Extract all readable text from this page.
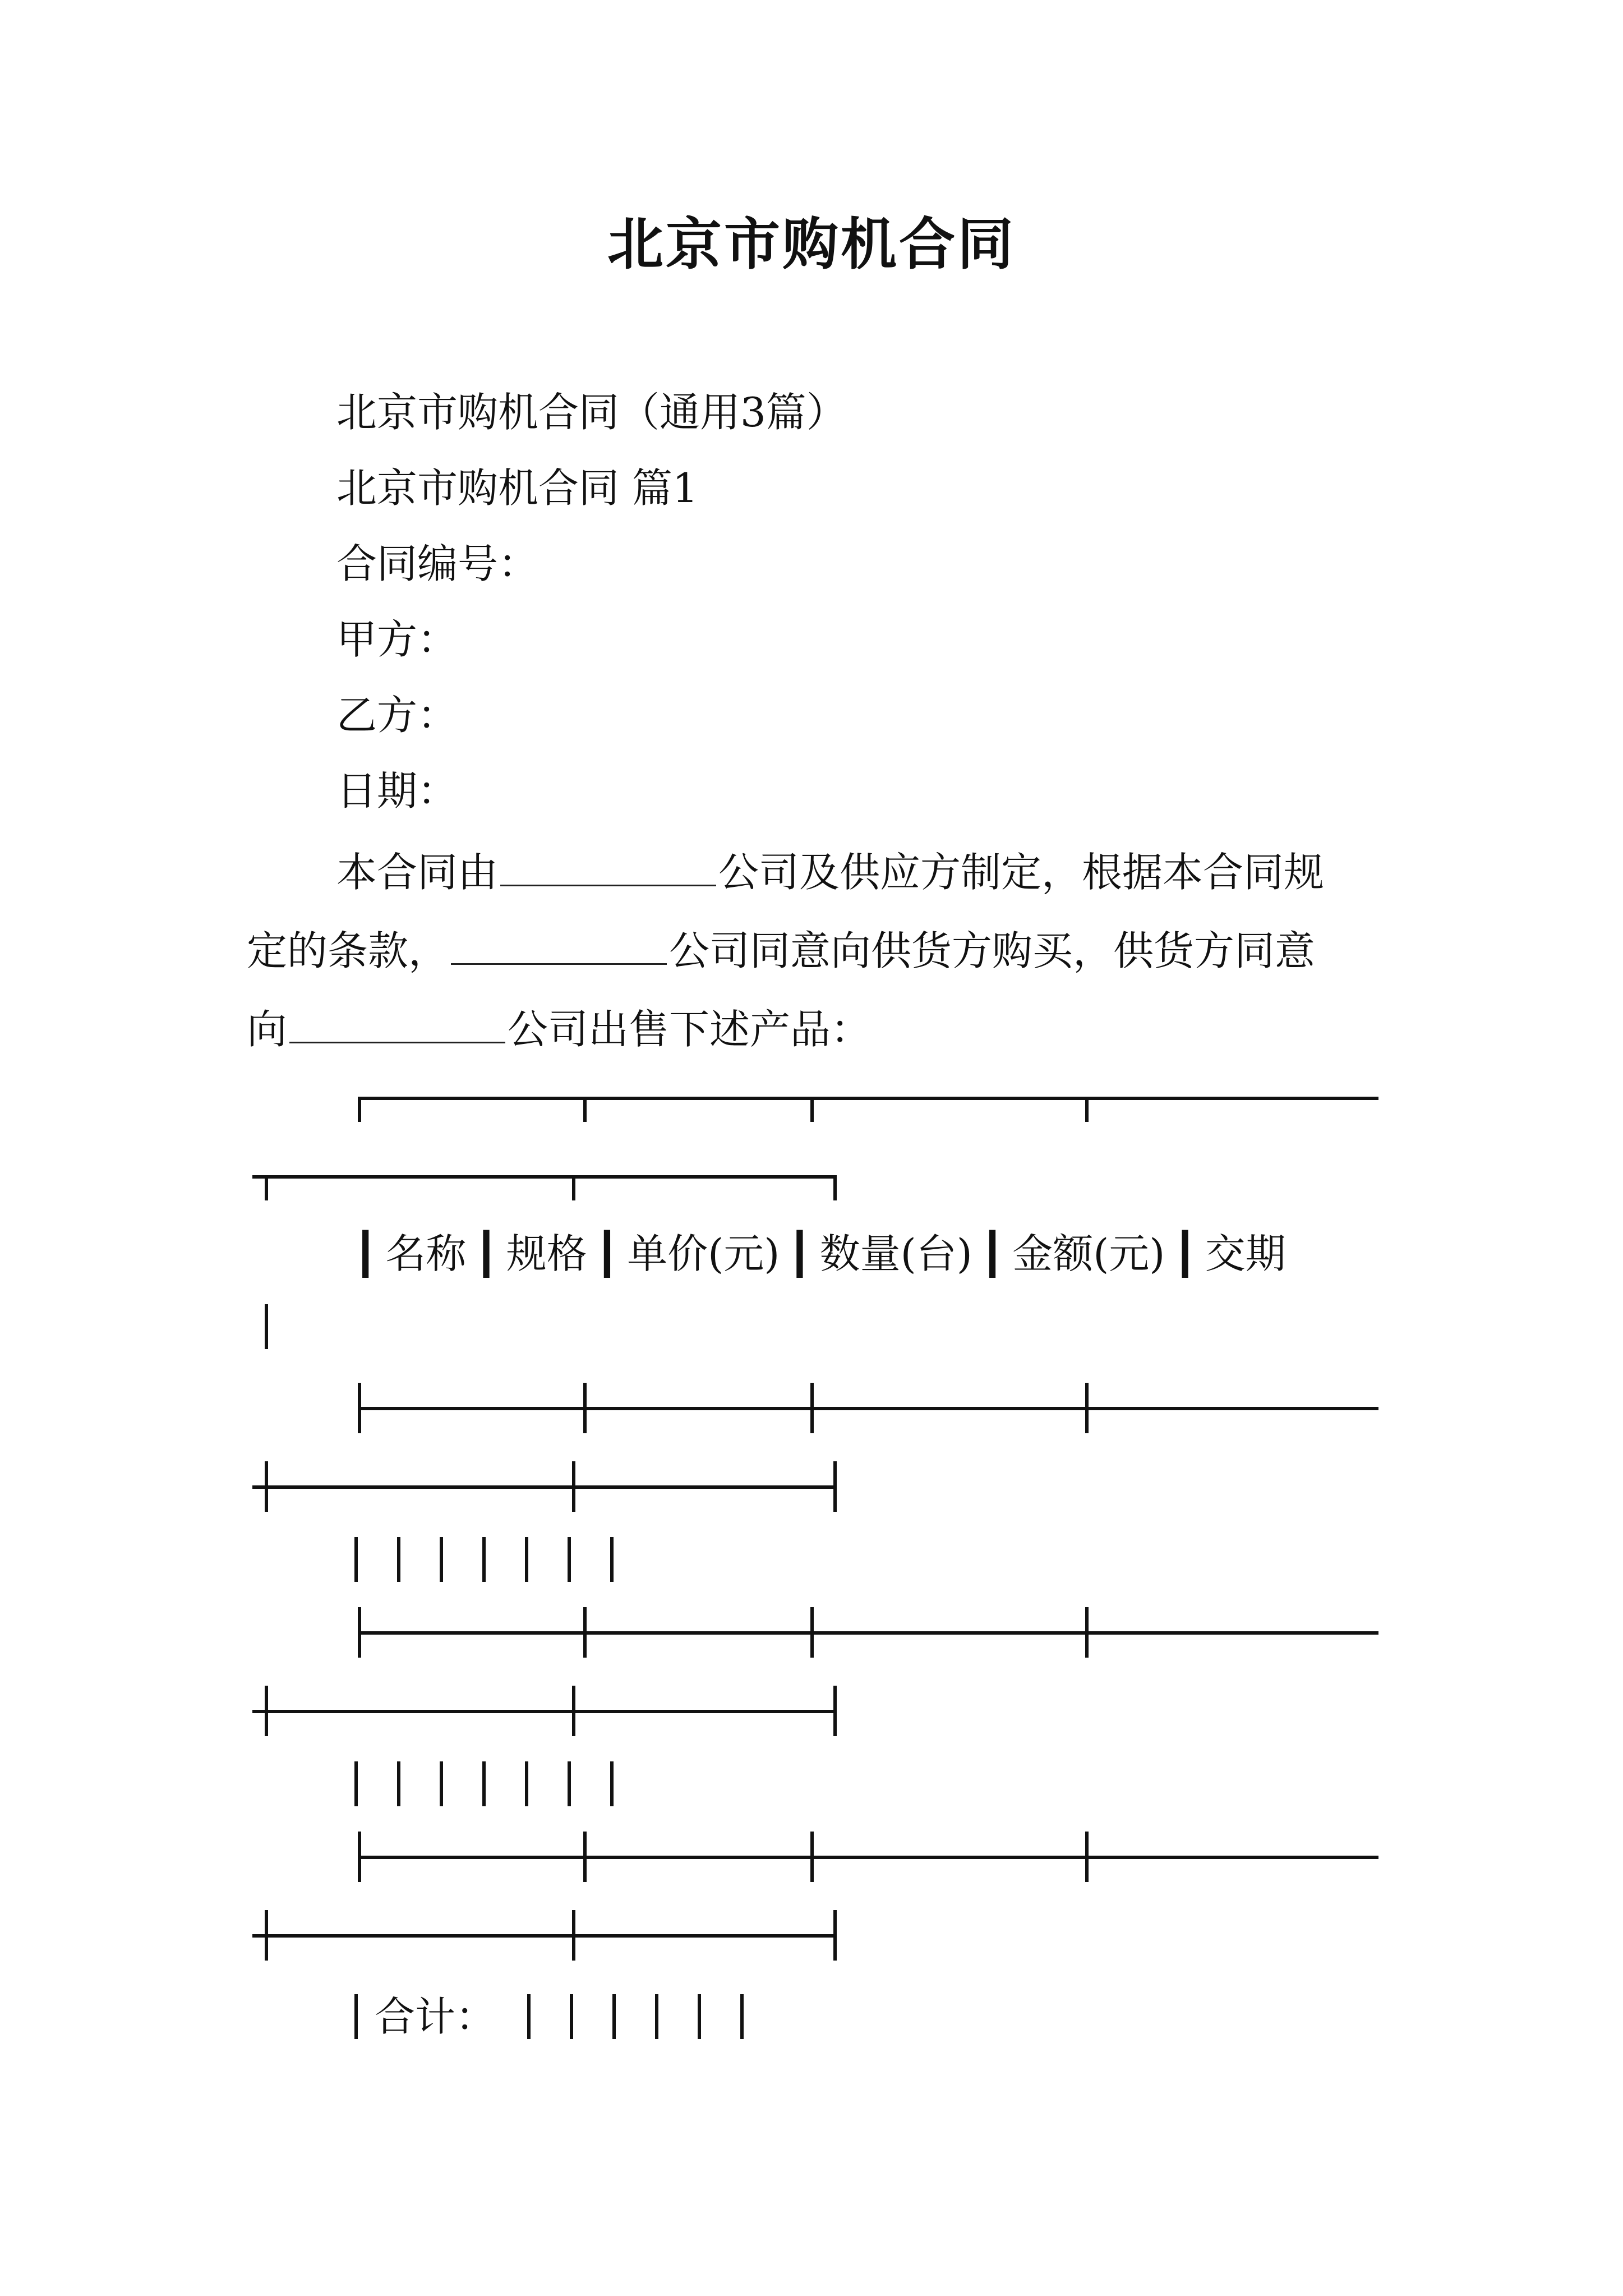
北京市购机合同
北京市购机合同（通用3篇）
北京市购机合同 篇1
合同编号：
甲方：
乙方：
日期：
本合同由	公司及供应方制定，根据本合同规
定的条款，	公司同意向供货方购买，供货方同意
向	公司出售下述产品：
┃ 名称 ┃ 规格 ┃ 单价(元) ┃ 数量(台) ┃ 金额(元) ┃ 交期
合计：
